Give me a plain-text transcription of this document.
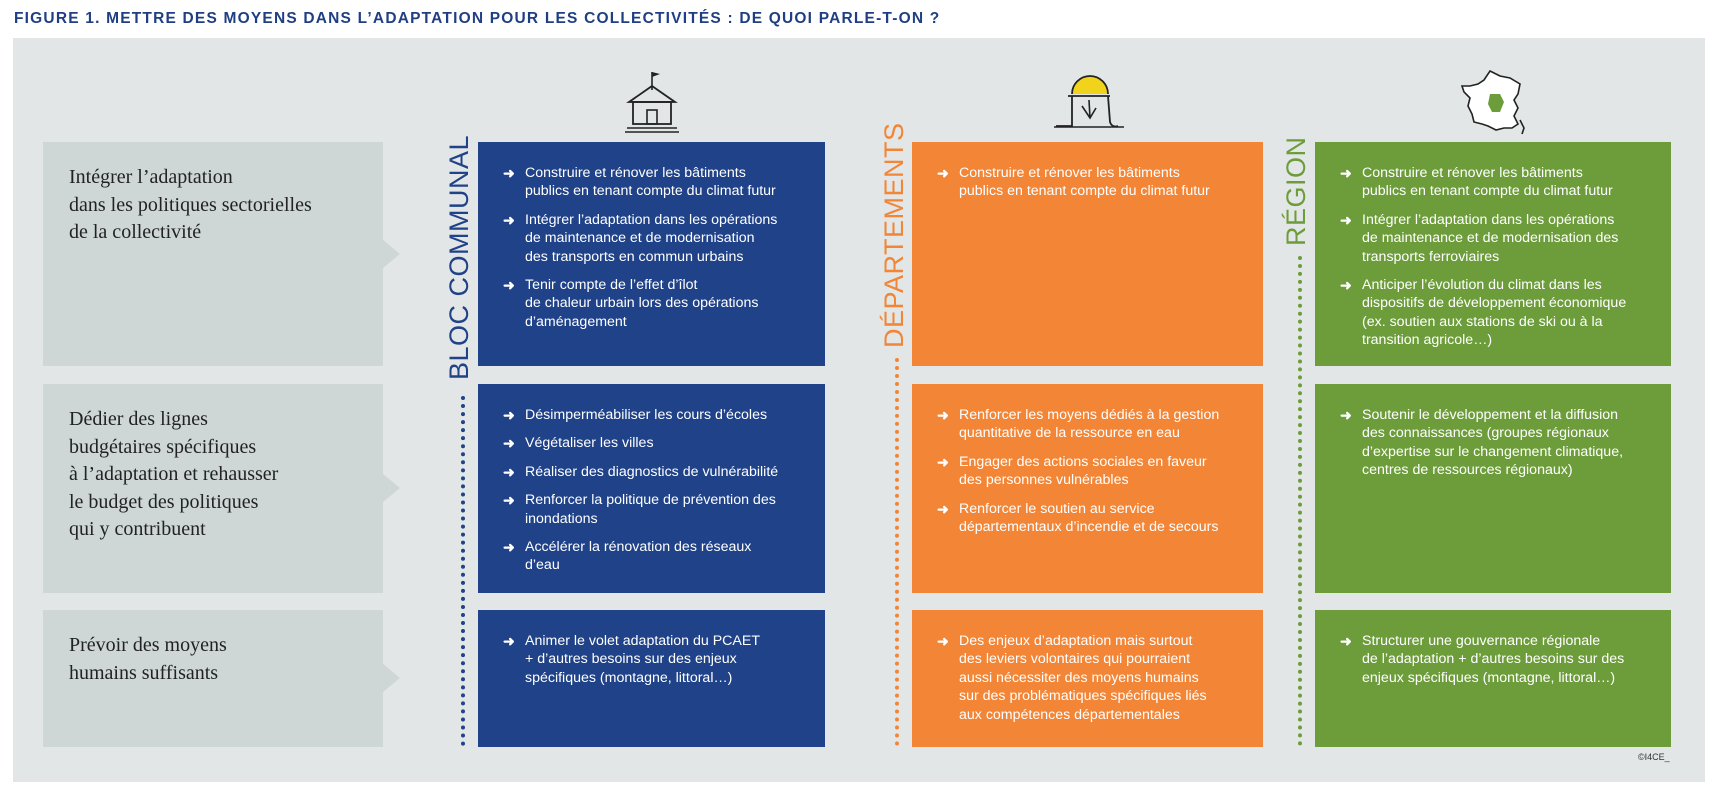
FIGURE 1. METTRE DES MOYENS DANS L’ADAPTATION POUR LES COLLECTIVITÉS : DE QUOI PARLE-T-ON ?
Intégrer l’adaptation
dans les politiques sectorielles
de la collectivité
Dédier des lignes
budgétaires spécifiques
à l’adaptation et rehausser
le budget des politiques
qui y contribuent
Prévoir des moyens
humains suffisants
BLOC COMMUNAL	DÉPARTEMENTS	RÉGION
➜ Construire et rénover les bâtiments
publics en tenant compte du climat futur
➜ Intégrer l’adaptation dans les opérations
de maintenance et de modernisation
des transports en commun urbains
➜ Tenir compte de l’effet d’îlot
de chaleur urbain lors des opérations
d’aménagement
➜ Désimperméabiliser les cours d’écoles
➜ Végétaliser les villes
➜ Réaliser des diagnostics de vulnérabilité
➜ Renforcer la politique de prévention des
inondations
➜ Accélérer la rénovation des réseaux
d’eau
➜ Animer le volet adaptation du PCAET
+ d’autres besoins sur des enjeux
spécifiques (montagne, littoral…)
➜ Construire et rénover les bâtiments
publics en tenant compte du climat futur
➜ Renforcer les moyens dédiés à la gestion
quantitative de la ressource en eau
➜ Engager des actions sociales en faveur
des personnes vulnérables
➜ Renforcer le soutien au service
départementaux d’incendie et de secours
➜ Des enjeux d’adaptation mais surtout
des leviers volontaires qui pourraient
aussi nécessiter des moyens humains
sur des problématiques spécifiques liés
aux compétences départementales
➜ Construire et rénover les bâtiments
publics en tenant compte du climat futur
➜ Intégrer l’adaptation dans les opérations
de maintenance et de modernisation des
transports ferroviaires
➜ Anticiper l’évolution du climat dans les
dispositifs de développement économique
(ex. soutien aux stations de ski ou à la
transition agricole…)
➜ Soutenir le développement et la diffusion
des connaissances (groupes régionaux
d’expertise sur le changement climatique,
centres de ressources régionaux)
➜ Structurer une gouvernance régionale
de l’adaptation + d’autres besoins sur des
enjeux spécifiques (montagne, littoral…)
©I4CE_
